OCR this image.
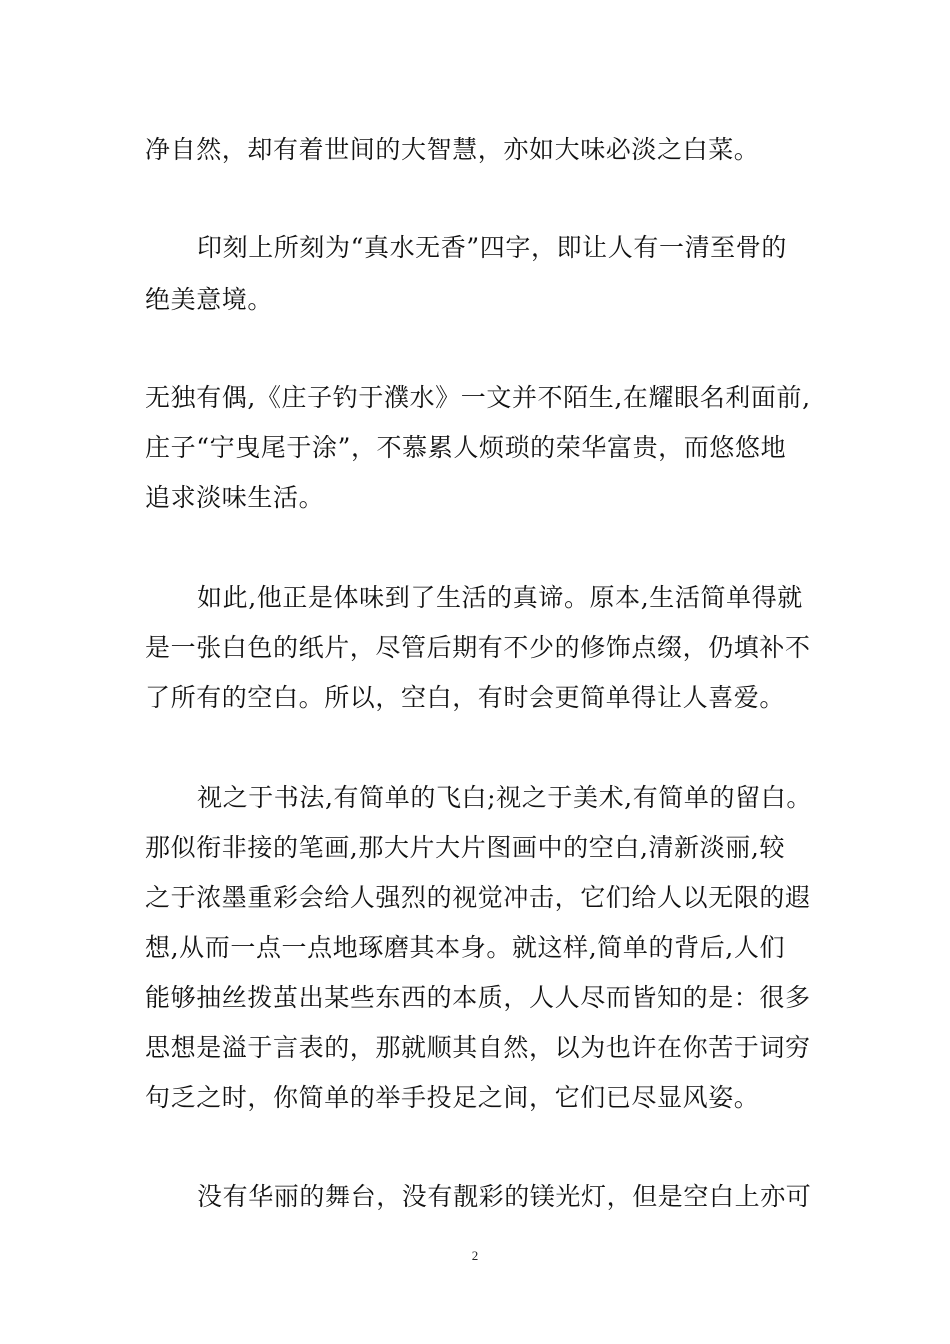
净自然，却有着世间的大智慧，亦如大味必淡之白菜。
印刻上所刻为“真水无香”四字，即让人有一清至骨的
绝美意境。
无独有偶,《庄子钓于濮水》一文并不陌生,在耀眼名利面前,
庄子“宁曳尾于涂”，不慕累人烦琐的荣华富贵，而悠悠地
追求淡味生活。
如此,他正是体味到了生活的真谛。原本,生活简单得就
是一张白色的纸片，尽管后期有不少的修饰点缀，仍填补不
了所有的空白。所以，空白，有时会更简单得让人喜爱。
视之于书法,有简单的飞白;视之于美术,有简单的留白。
那似衔非接的笔画,那大片大片图画中的空白,清新淡丽,较
之于浓墨重彩会给人强烈的视觉冲击，它们给人以无限的遐
想,从而一点一点地琢磨其本身。就这样,简单的背后,人们
能够抽丝拨茧出某些东西的本质，人人尽而皆知的是：很多
思想是溢于言表的，那就顺其自然，以为也许在你苦于词穷
句乏之时，你简单的举手投足之间，它们已尽显风姿。
没有华丽的舞台，没有靓彩的镁光灯，但是空白上亦可
2
